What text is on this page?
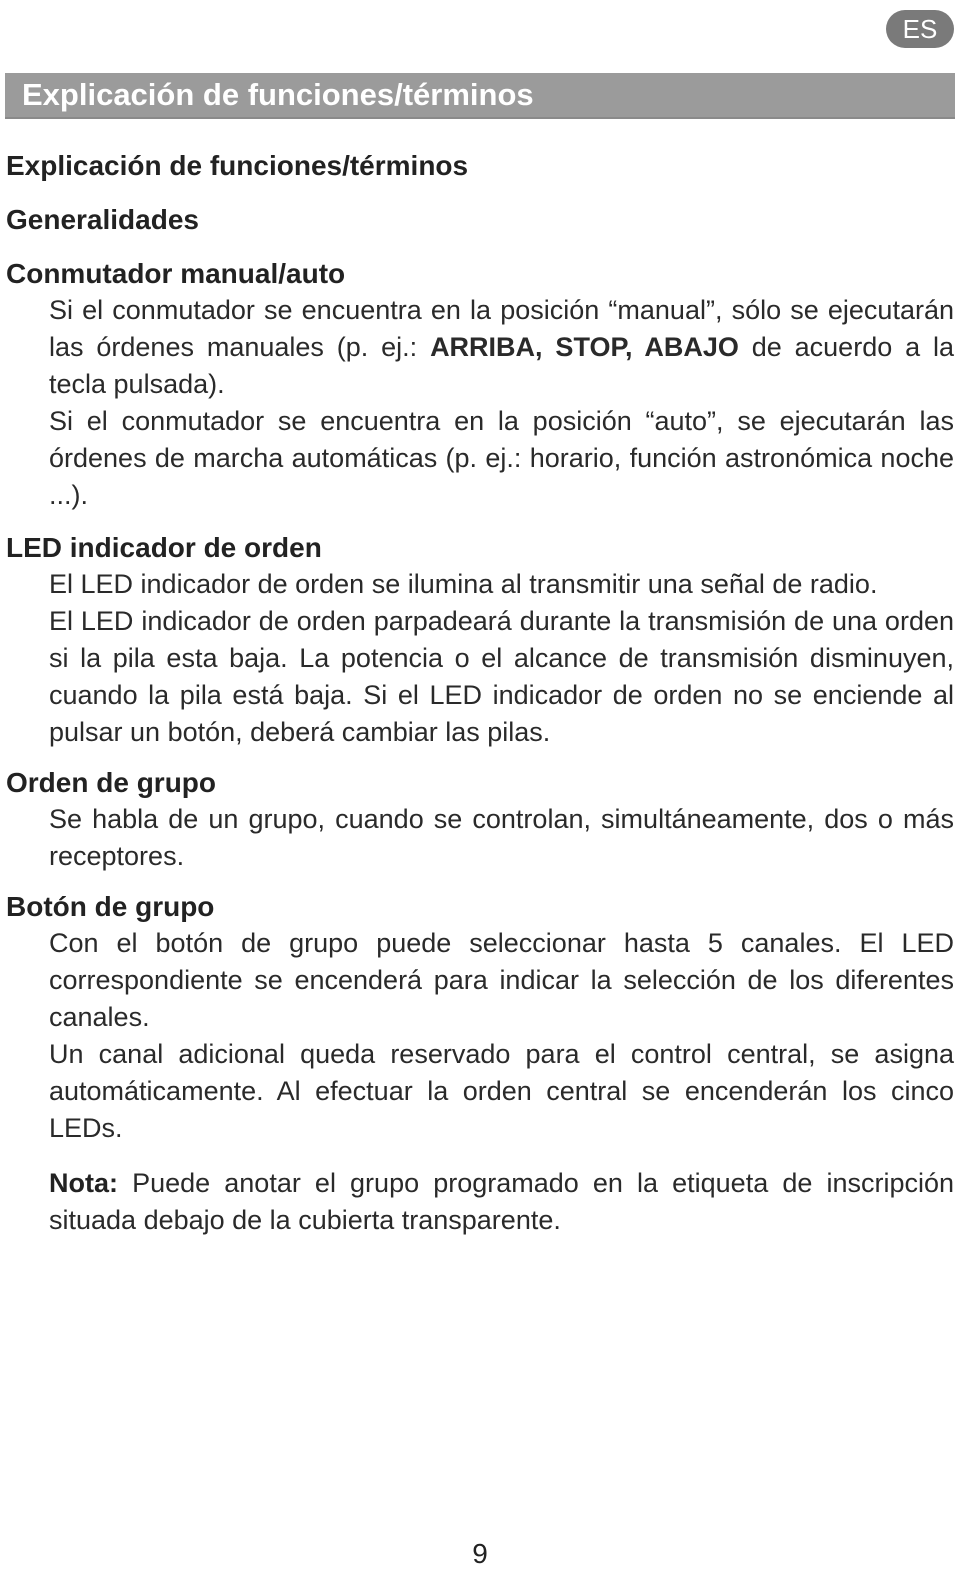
ES
Explicación de funciones/términos
Explicación de funciones/términos
Generalidades
Conmutador manual/auto

Si el conmutador se encuentra en la posición “manual”, sólo se ejecutarán las órdenes manuales (p. ej.: ARRIBA, STOP, ABAJO de acuerdo a la tecla pulsada).

Si el conmutador se encuentra en la posición “auto”, se ejecutarán las órdenes de marcha automáticas (p. ej.: horario, función astronómica noche ...).

LED indicador de orden

El LED indicador de orden se ilumina al transmitir una señal de radio.

El LED indicador de orden parpadeará durante la transmisión de una orden si la pila esta baja. La potencia o el alcance de transmisión disminuyen, cuando la pila está baja. Si el LED indicador de orden no se enciende al pulsar un botón, deberá cambiar las pilas.

Orden de grupo

Se habla de un grupo, cuando se controlan, simultáneamente, dos o más receptores.

Botón de grupo

Con el botón de grupo puede seleccionar hasta 5 canales. El LED correspondiente se encenderá para indicar la selección de los diferentes canales.

Un canal adicional queda reservado para el control central, se asigna automáticamente. Al efectuar la orden central se encenderán los cinco LEDs.

Nota: Puede anotar el grupo programado en la etiqueta de inscripción situada debajo de la cubierta transparente.

9
